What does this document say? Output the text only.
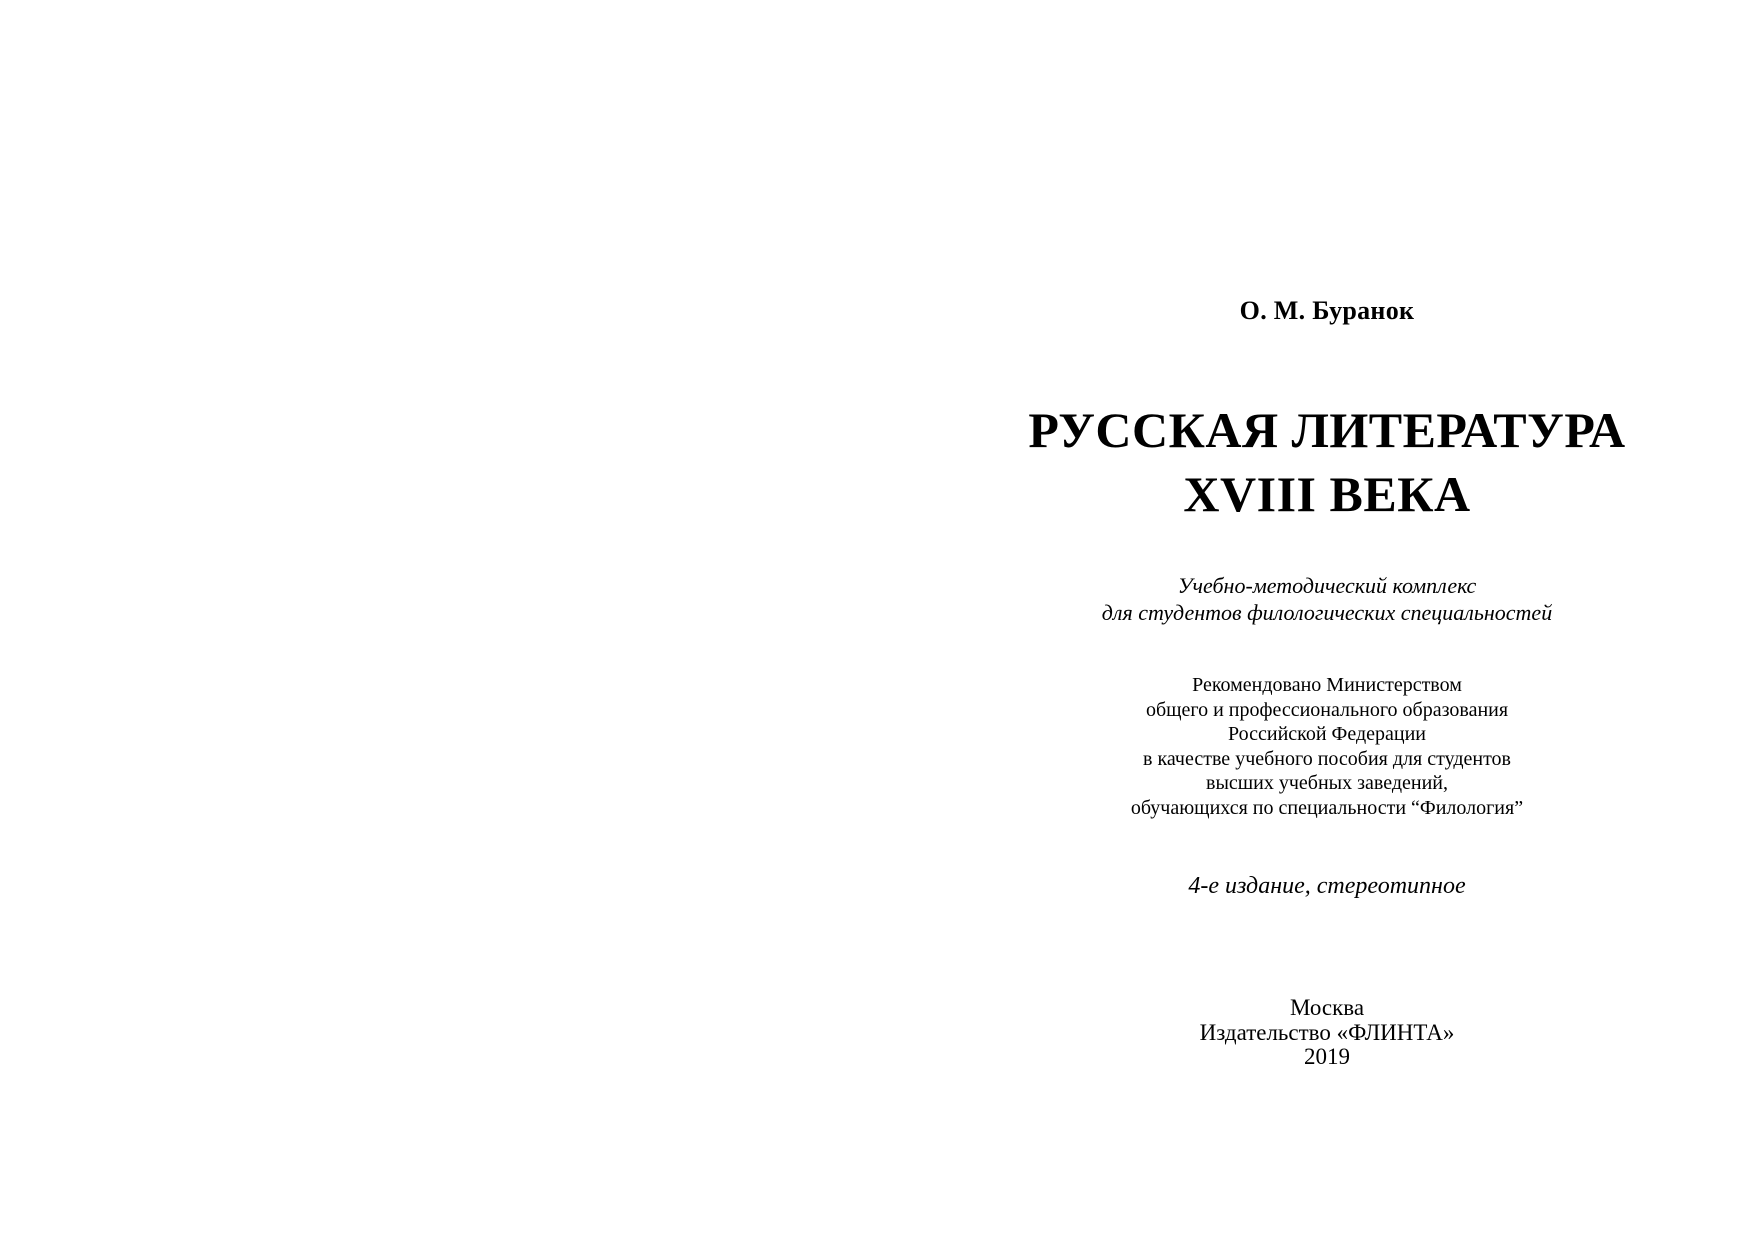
О. М. Буранок
РУССКАЯ ЛИТЕРАТУРА
XVIII ВЕКА
Учебно-методический комплекс
для студентов филологических специальностей
Рекомендовано Министерством
общего и профессионального образования
Российской Федерации
в качестве учебного пособия для студентов
высших учебных заведений,
обучающихся по специальности “Филология”
4-е издание, стереотипное
Москва
Издательство «ФЛИНТА»
2019
